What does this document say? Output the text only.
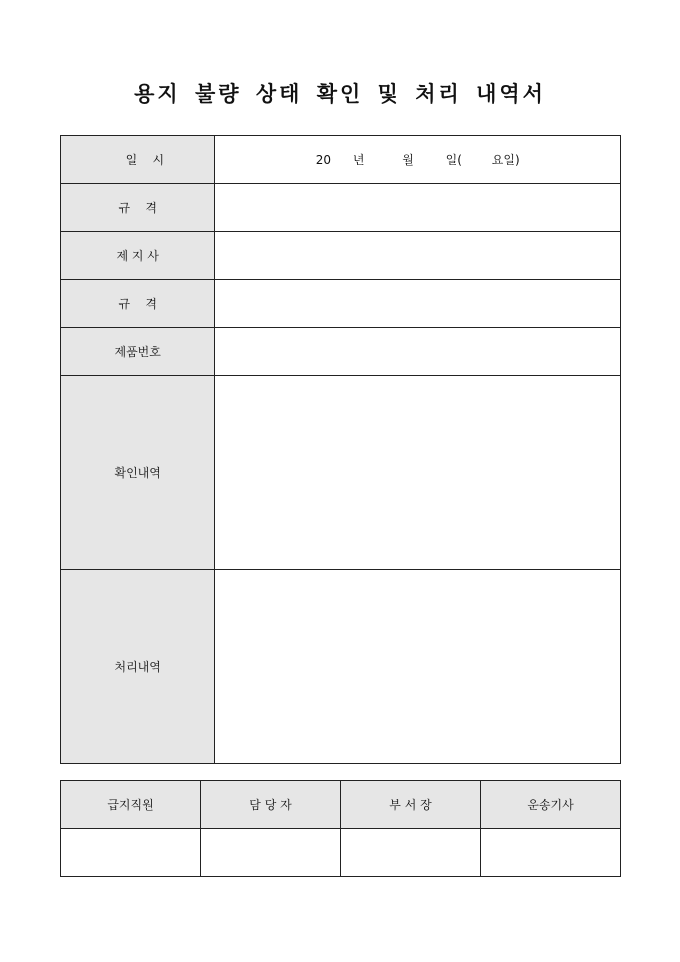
용지 불량 상태 확인 및 처리 내역서
일    시	20 년 월 일( 요일)
규    격	
제 지 사	
규    격	
제품번호	
확인내역	
처리내역	
급지직원	담 당 자	부 서 장	운송기사
